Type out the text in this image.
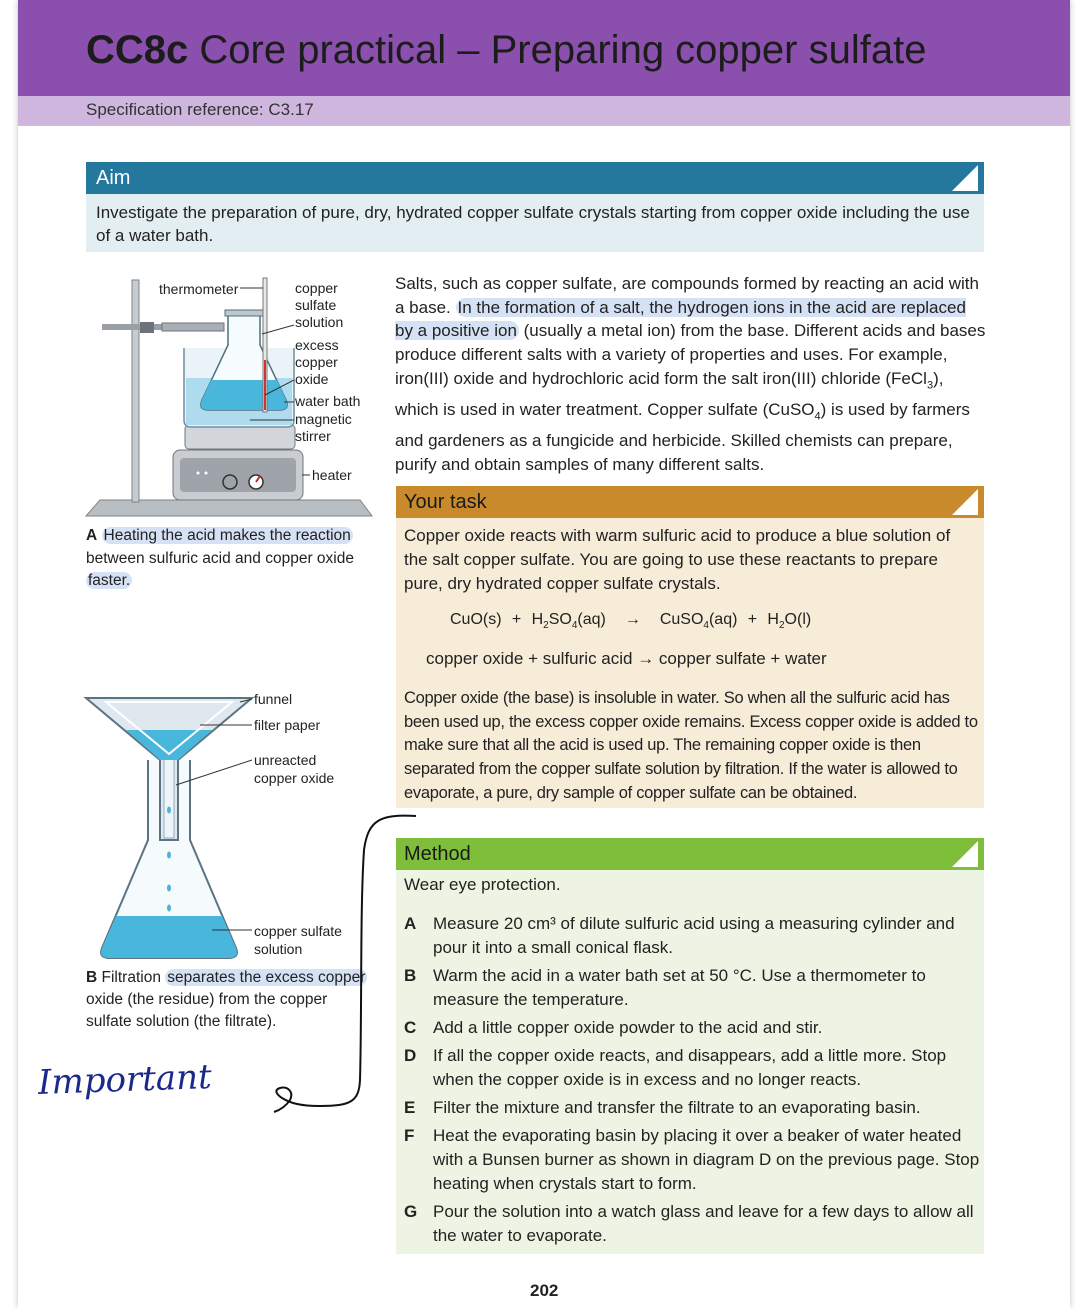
CC8c Core practical – Preparing copper sulfate
Specification reference: C3.17
Aim
Investigate the preparation of pure, dry, hydrated copper sulfate crystals starting from copper oxide including the use of a water bath.
Salts, such as copper sulfate, are compounds formed by reacting an acid with a base. In the formation of a salt, the hydrogen ions in the acid are replaced by a positive ion (usually a metal ion) from the base. Different acids and bases produce different salts with a variety of properties and uses. For example, iron(III) oxide and hydrochloric acid form the salt iron(III) chloride (FeCl$_3$), which is used in water treatment. Copper sulfate (CuSO$_4$) is used by farmers and gardeners as a fungicide and herbicide. Skilled chemists can prepare, purify and obtain samples of many different salts.
thermometer	copper
sulfate
solution
excess
copper
oxide
water bath
magnetic
stirrer
heater
A Heating the acid makes the reaction between sulfuric acid and copper oxide faster.
funnel
filter paper
unreacted
copper oxide
copper sulfate
solution
B Filtration separates the excess copper oxide (the residue) from the copper sulfate solution (the filtrate).
Your task
Copper oxide reacts with warm sulfuric acid to produce a blue solution of the salt copper sulfate. You are going to use these reactants to prepare pure, dry hydrated copper sulfate crystals.
$CuO(s) + H_2SO_4(aq)$ → CuSO$_4$(aq) + $H_2O(l)$
copper oxide + sulfuric acid → copper sulfate + water
Copper oxide (the base) is insoluble in water. So when all the sulfuric acid has been used up, the excess copper oxide remains. Excess copper oxide is added to make sure that all the acid is used up. The remaining copper oxide is then separated from the copper sulfate solution by filtration. If the water is allowed to evaporate, a pure, dry sample of copper sulfate can be obtained.
Method
Wear eye protection.
A Measure 20 cm³ of dilute sulfuric acid using a measuring cylinder and pour it into a small conical flask.
B Warm the acid in a water bath set at 50 °C. Use a thermometer to measure the temperature.
C Add a little copper oxide powder to the acid and stir.
D If all the copper oxide reacts, and disappears, add a little more. Stop when the copper oxide is in excess and no longer reacts.
E	Filter the mixture and transfer the filtrate to an evaporating basin.
F	Heat the evaporating basin by placing it over a beaker of water heated with a Bunsen burner as shown in diagram D on the previous page. Stop heating when crystals start to form.
G Pour the solution into a watch glass and leave for a few days to allow all the water to evaporate.
Important
202
